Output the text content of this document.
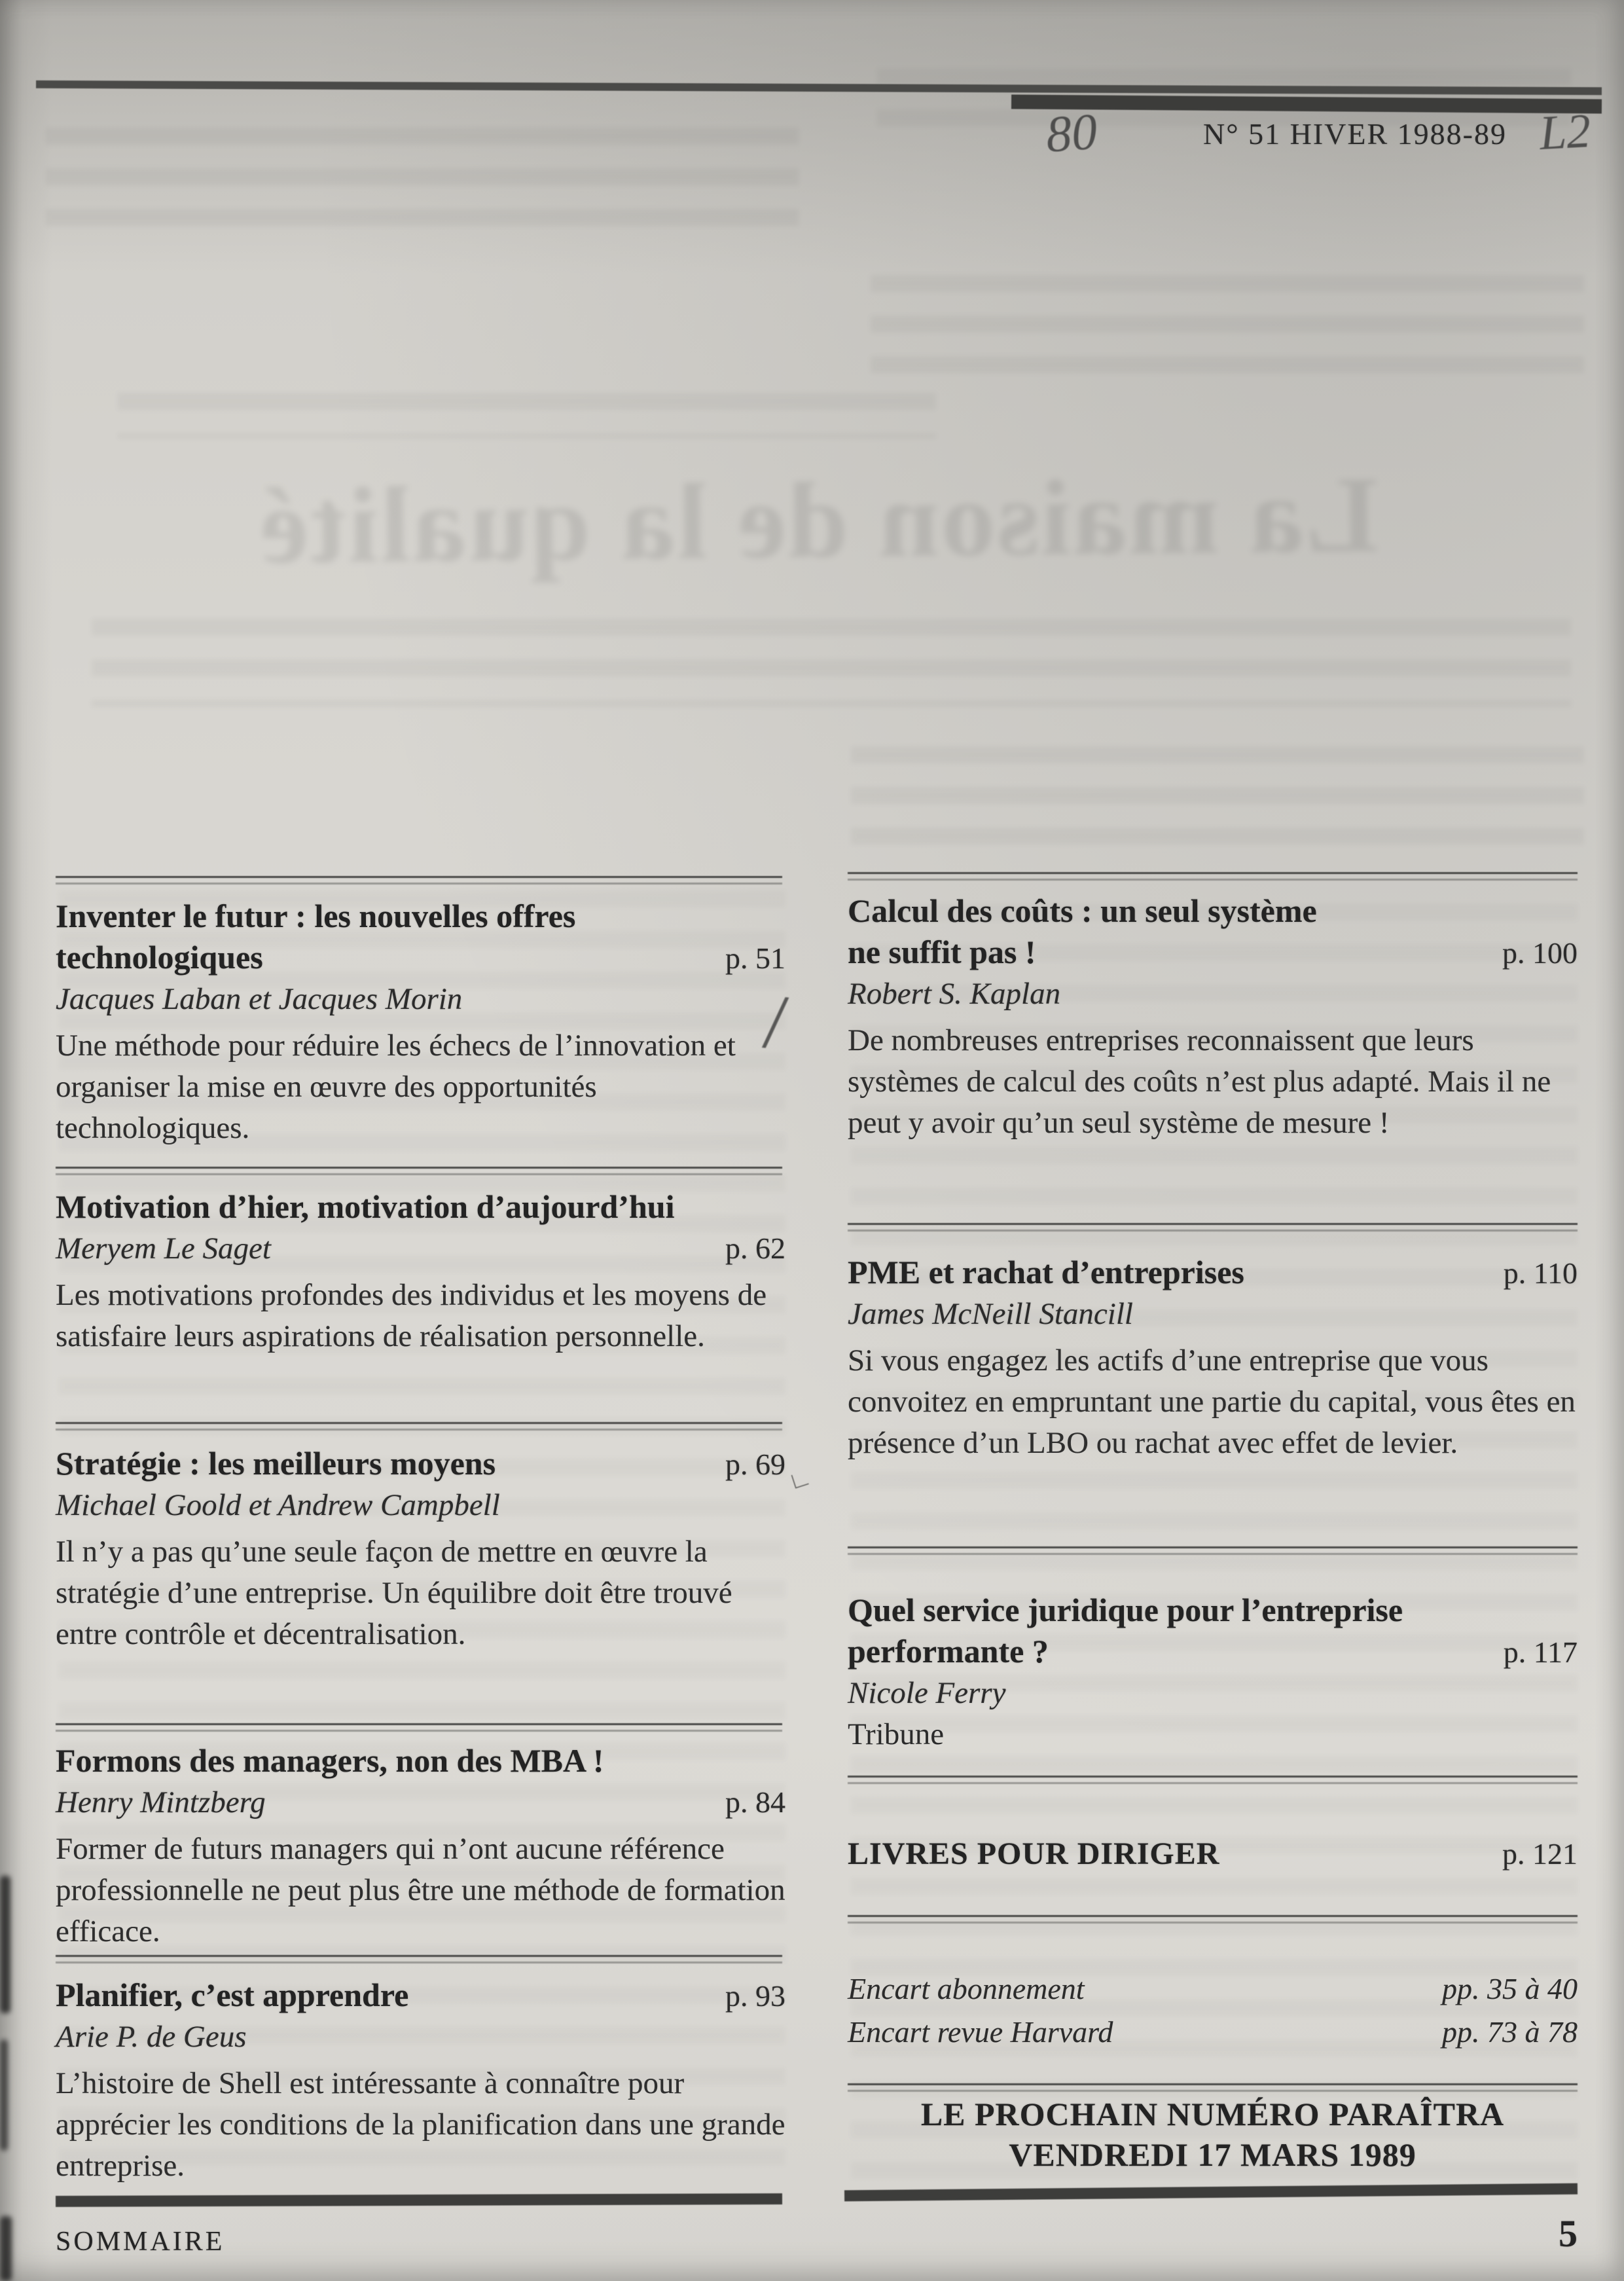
La maison de la qualité
80	N° 51 HIVER 1988-89 L2
/
∟
Inventer le futur : les nouvelles offres
technologiques	p. 51
Jacques Laban et Jacques Morin

Une méthode pour réduire les échecs de l’innovation et organiser la mise en œuvre des opportunités technologiques.

Motivation d’hier, motivation d’aujourd’hui
Meryem Le Saget	p. 62

Les motivations profondes des individus et les moyens de satisfaire leurs aspirations de réalisation personnelle.

Stratégie : les meilleurs moyens	p. 69
Michael Goold et Andrew Campbell

Il n’y a pas qu’une seule façon de mettre en œuvre la stratégie d’une entreprise. Un équilibre doit être trouvé entre contrôle et décentralisation.

Formons des managers, non des MBA !
Henry Mintzberg	p. 84

Former de futurs managers qui n’ont aucune référence professionnelle ne peut plus être une méthode de formation efficace.

Planifier, c’est apprendre	p. 93
Arie P. de Geus

L’histoire de Shell est intéressante à connaître pour apprécier les conditions de la planification dans une grande entreprise.

SOMMAIRE
Calcul des coûts : un seul système
ne suffit pas !	p. 100
Robert S. Kaplan

De nombreuses entreprises reconnaissent que leurs systèmes de calcul des coûts n’est plus adapté. Mais il ne peut y avoir qu’un seul système de mesure !

PME et rachat d’entreprises	p. 110
James McNeill Stancill

Si vous engagez les actifs d’une entreprise que vous convoitez en empruntant une partie du capital, vous êtes en présence d’un LBO ou rachat avec effet de levier.

Quel service juridique pour l’entreprise
performante ?	p. 117
Nicole Ferry
Tribune
LIVRES POUR DIRIGER	p. 121
Encart abonnement	pp. 35 à 40
Encart revue Harvard	pp. 73 à 78
LE PROCHAIN NUMÉRO PARAÎTRA
VENDREDI 17 MARS 1989
5
